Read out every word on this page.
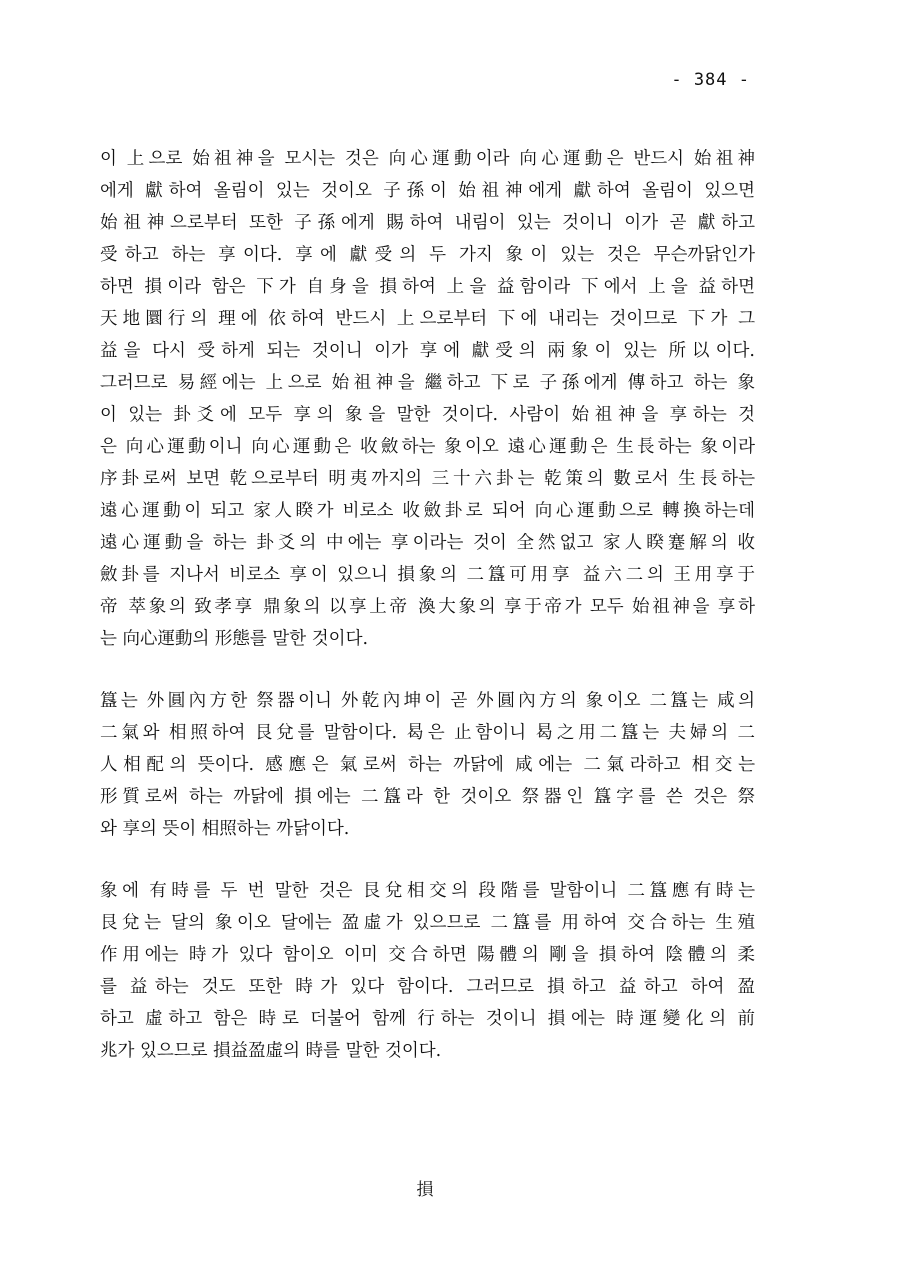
- 384 -
이 上으로 始祖神을 모시는 것은 向心運動이라 向心運動은 반드시 始祖神
에게 獻하여 올림이 있는 것이오 子孫이 始祖神에게 獻하여 올림이 있으면
始祖神으로부터 또한 子孫에게 賜하여 내림이 있는 것이니 이가 곧 獻하고
受하고 하는 享이다. 享에 獻受의 두 가지 象이 있는 것은 무슨까닭인가
하면 損이라 함은 下가 自身을 損하여 上을 益함이라 下에서 上을 益하면
天地圜行의 理에 依하여 반드시 上으로부터 下에 내리는 것이므로 下가 그
益을 다시 受하게 되는 것이니 이가 享에 獻受의 兩象이 있는 所以이다.
그러므로 易經에는 上으로 始祖神을 繼하고 下로 子孫에게 傳하고 하는 象
이 있는 卦爻에 모두 享의 象을 말한 것이다. 사람이 始祖神을 享하는 것
은 向心運動이니 向心運動은 收斂하는 象이오 遠心運動은 生長하는 象이라
序卦로써 보면 乾으로부터 明夷까지의 三十六卦는 乾策의 數로서 生長하는
遠心運動이 되고 家人睽가 비로소 收斂卦로 되어 向心運動으로 轉換하는데
遠心運動을 하는 卦爻의 中에는 享이라는 것이 全然없고 家人睽蹇解의 收
斂卦를 지나서 비로소 享이 있으니 損象의 二簋可用享 益六二의 王用享于
帝 萃象의 致孝享 鼎象의 以享上帝 渙大象의 享于帝가 모두 始祖神을 享하
는 向心運動의 形態를 말한 것이다.
簋는 外圓內方한 祭器이니 外乾內坤이 곧 外圓內方의 象이오 二簋는 咸의
二氣와 相照하여 艮兌를 말함이다. 曷은 止함이니 曷之用二簋는 夫婦의 二
人相配의 뜻이다. 感應은 氣로써 하는 까닭에 咸에는 二氣라하고 相交는
形質로써 하는 까닭에 損에는 二簋라 한 것이오 祭器인 簋字를 쓴 것은 祭
와 享의 뜻이 相照하는 까닭이다.
象에 有時를 두 번 말한 것은 艮兌相交의 段階를 말함이니 二簋應有時는
艮兌는 달의 象이오 달에는 盈虛가 있으므로 二簋를 用하여 交合하는 生殖
作用에는 時가 있다 함이오 이미 交合하면 陽體의 剛을 損하여 陰體의 柔
를 益하는 것도 또한 時가 있다 함이다. 그러므로 損하고 益하고 하여 盈
하고 虛하고 함은 時로 더불어 함께 行하는 것이니 損에는 時運變化의 前
兆가 있으므로 損益盈虛의 時를 말한 것이다.
損
